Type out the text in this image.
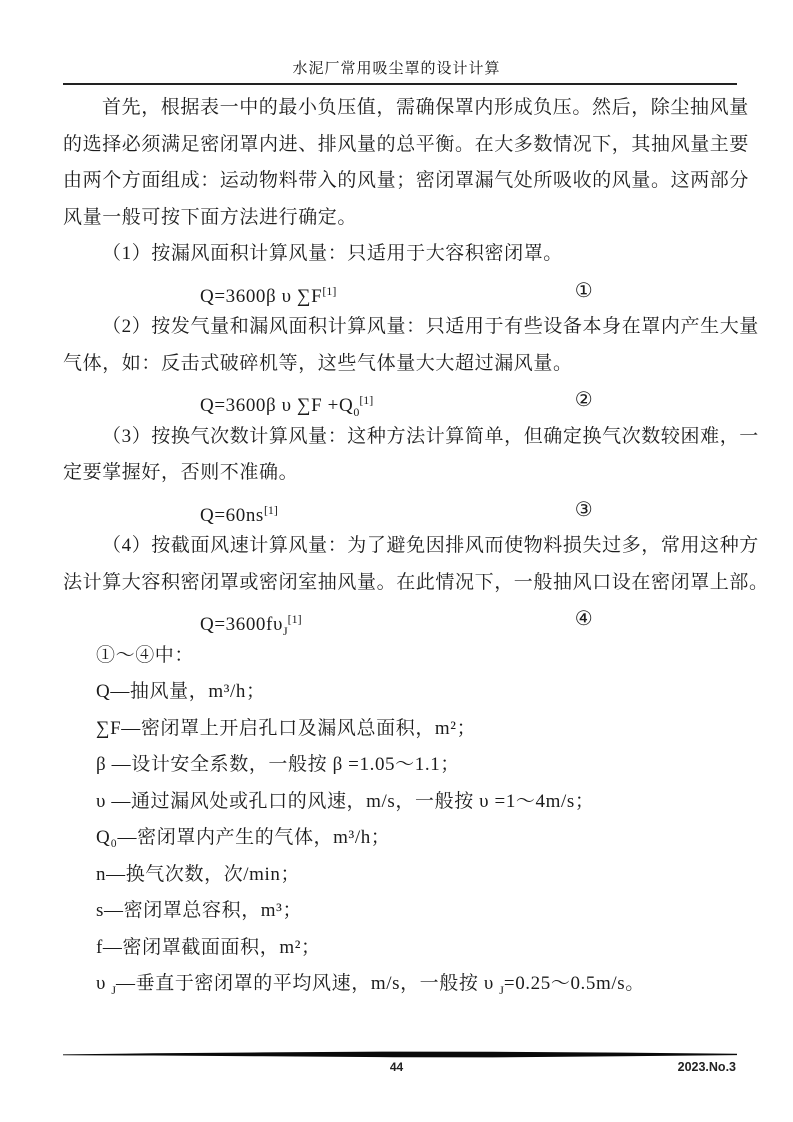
水泥厂常用吸尘罩的设计计算
首先，根据表一中的最小负压值，需确保罩内形成负压。然后，除尘抽风量
的选择必须满足密闭罩内进、排风量的总平衡。在大多数情况下，其抽风量主要
由两个方面组成：运动物料带入的风量；密闭罩漏气处所吸收的风量。这两部分
风量一般可按下面方法进行确定。
（1）按漏风面积计算风量：只适用于大容积密闭罩。
Q=3600β υ ∑F[1]	①
（2）按发气量和漏风面积计算风量：只适用于有些设备本身在罩内产生大量
气体，如：反击式破碎机等，这些气体量大大超过漏风量。
Q=3600β υ $\sum F +Q_0[1]$	②
（3）按换气次数计算风量：这种方法计算简单，但确定换气次数较困难，一
定要掌握好，否则不准确。
Q=60ns[1]	③
（4）按截面风速计算风量：为了避免因排风而使物料损失过多，常用这种方
法计算大容积密闭罩或密闭室抽风量。在此情况下，一般抽风口设在密闭罩上部。
$Q=3600f\upsilon_J[1]$	④
①～④中：
Q—抽风量，m³/h；
∑F—密闭罩上开启孔口及漏风总面积，m²；
β —设计安全系数，一般按 β =1.05～1.1；
υ —通过漏风处或孔口的风速，m/s，一般按 υ =1～4m/s；
Q₀—密闭罩内产生的气体，m³/h；
n—换气次数，次/min；
s—密闭罩总容积，m³；
f—密闭罩截面面积，m²；
υ $_J$—垂直于密闭罩的平均风速，m/s，一般按 υ $_J$=0.25～0.5m/s。
44	2023.No.3
